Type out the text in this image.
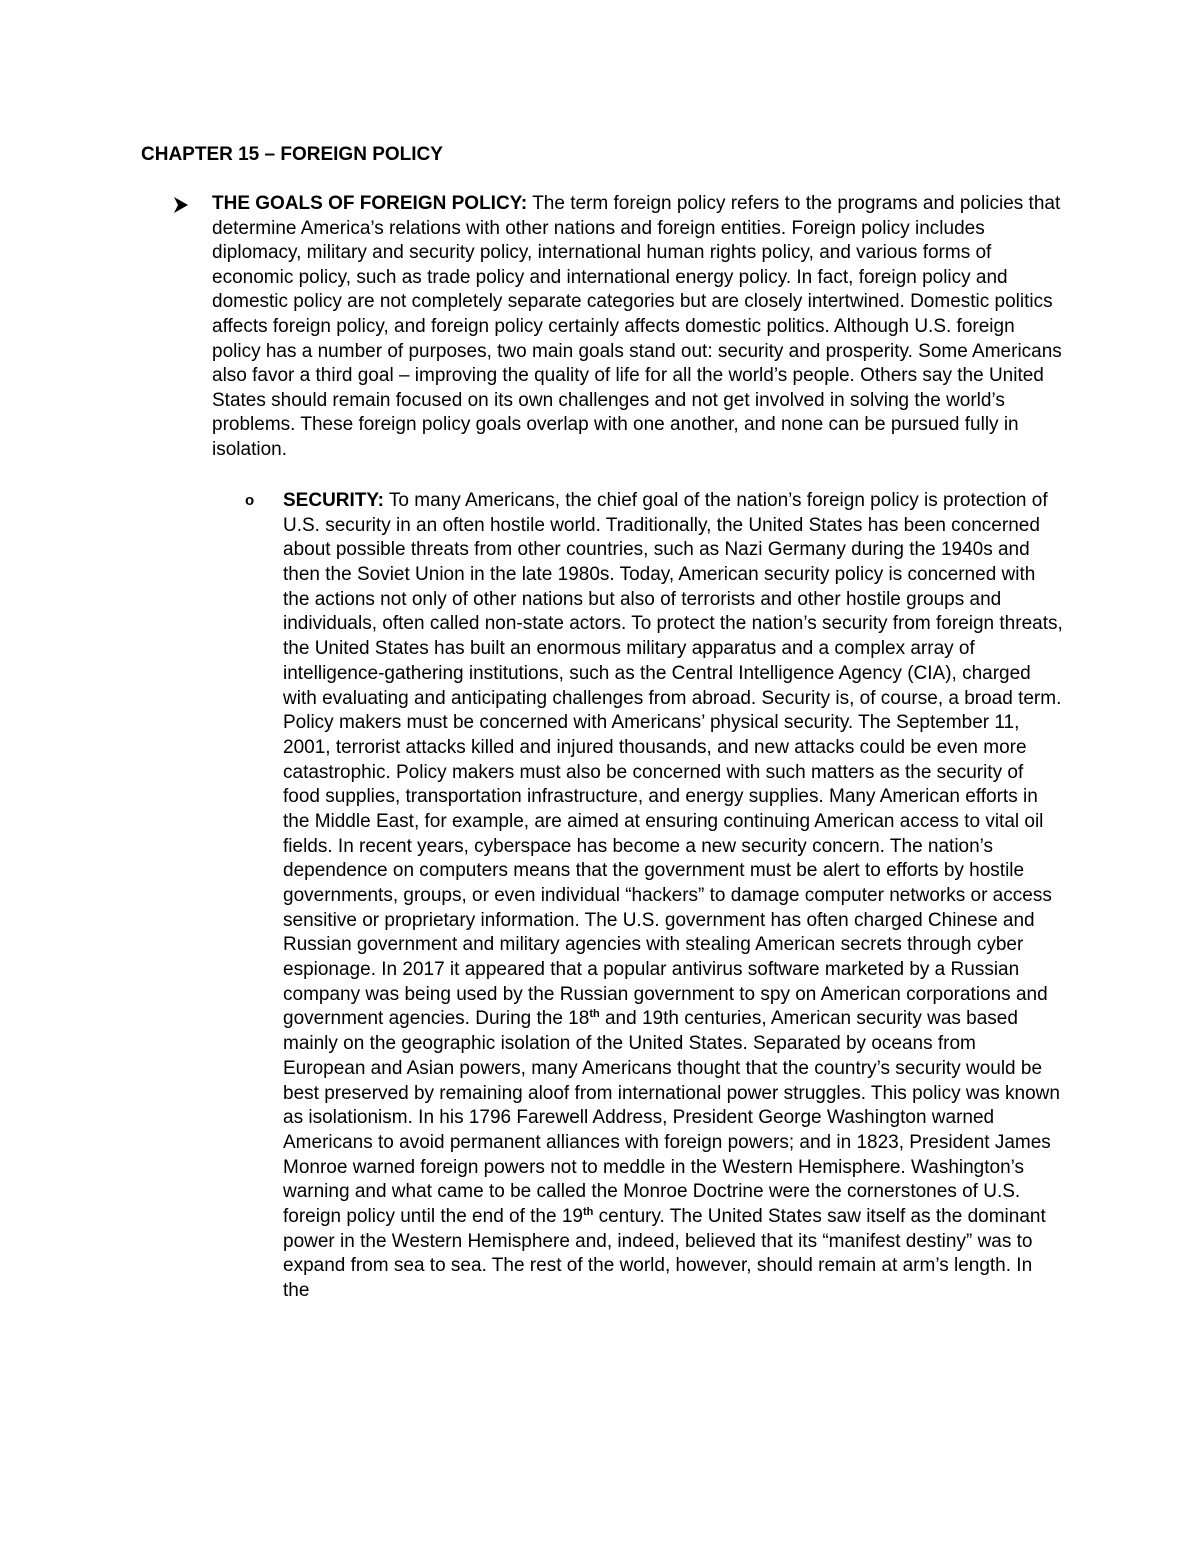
CHAPTER 15 – FOREIGN POLICY

THE GOALS OF FOREIGN POLICY: The term foreign policy refers to the programs and policies that determine America’s relations with other nations and foreign entities. Foreign policy includes diplomacy, military and security policy, international human rights policy, and various forms of economic policy, such as trade policy and international energy policy. In fact, foreign policy and domestic policy are not completely separate categories but are closely intertwined. Domestic politics affects foreign policy, and foreign policy certainly affects domestic politics. Although U.S. foreign policy has a number of purposes, two main goals stand out: security and prosperity. Some Americans also favor a third goal – improving the quality of life for all the world’s people. Others say the United States should remain focused on its own challenges and not get involved in solving the world’s problems. These foreign policy goals overlap with one another, and none can be pursued fully in isolation.

o SECURITY: To many Americans, the chief goal of the nation’s foreign policy is protection of U.S. security in an often hostile world. Traditionally, the United States has been concerned about possible threats from other countries, such as Nazi Germany during the 1940s and then the Soviet Union in the late 1980s. Today, American security policy is concerned with the actions not only of other nations but also of terrorists and other hostile groups and individuals, often called non-state actors. To protect the nation’s security from foreign threats, the United States has built an enormous military apparatus and a complex array of intelligence-gathering institutions, such as the Central Intelligence Agency (CIA), charged with evaluating and anticipating challenges from abroad. Security is, of course, a broad term. Policy makers must be concerned with Americans’ physical security. The September 11, 2001, terrorist attacks killed and injured thousands, and new attacks could be even more catastrophic. Policy makers must also be concerned with such matters as the security of food supplies, transportation infrastructure, and energy supplies. Many American efforts in the Middle East, for example, are aimed at ensuring continuing American access to vital oil fields. In recent years, cyberspace has become a new security concern. The nation’s dependence on computers means that the government must be alert to efforts by hostile governments, groups, or even individual “hackers” to damage computer networks or access sensitive or proprietary information. The U.S. government has often charged Chinese and Russian government and military agencies with stealing American secrets through cyber espionage. In 2017 it appeared that a popular antivirus software marketed by a Russian company was being used by the Russian government to spy on American corporations and government agencies. During the 18th and 19th centuries, American security was based mainly on the geographic isolation of the United States. Separated by oceans from European and Asian powers, many Americans thought that the country’s security would be best preserved by remaining aloof from international power struggles. This policy was known as isolationism. In his 1796 Farewell Address, President George Washington warned Americans to avoid permanent alliances with foreign powers; and in 1823, President James Monroe warned foreign powers not to meddle in the Western Hemisphere. Washington’s warning and what came to be called the Monroe Doctrine were the cornerstones of U.S. foreign policy until the end of the 19th century. The United States saw itself as the dominant power in the Western Hemisphere and, indeed, believed that its “manifest destiny” was to expand from sea to sea. The rest of the world, however, should remain at arm’s length. In the
